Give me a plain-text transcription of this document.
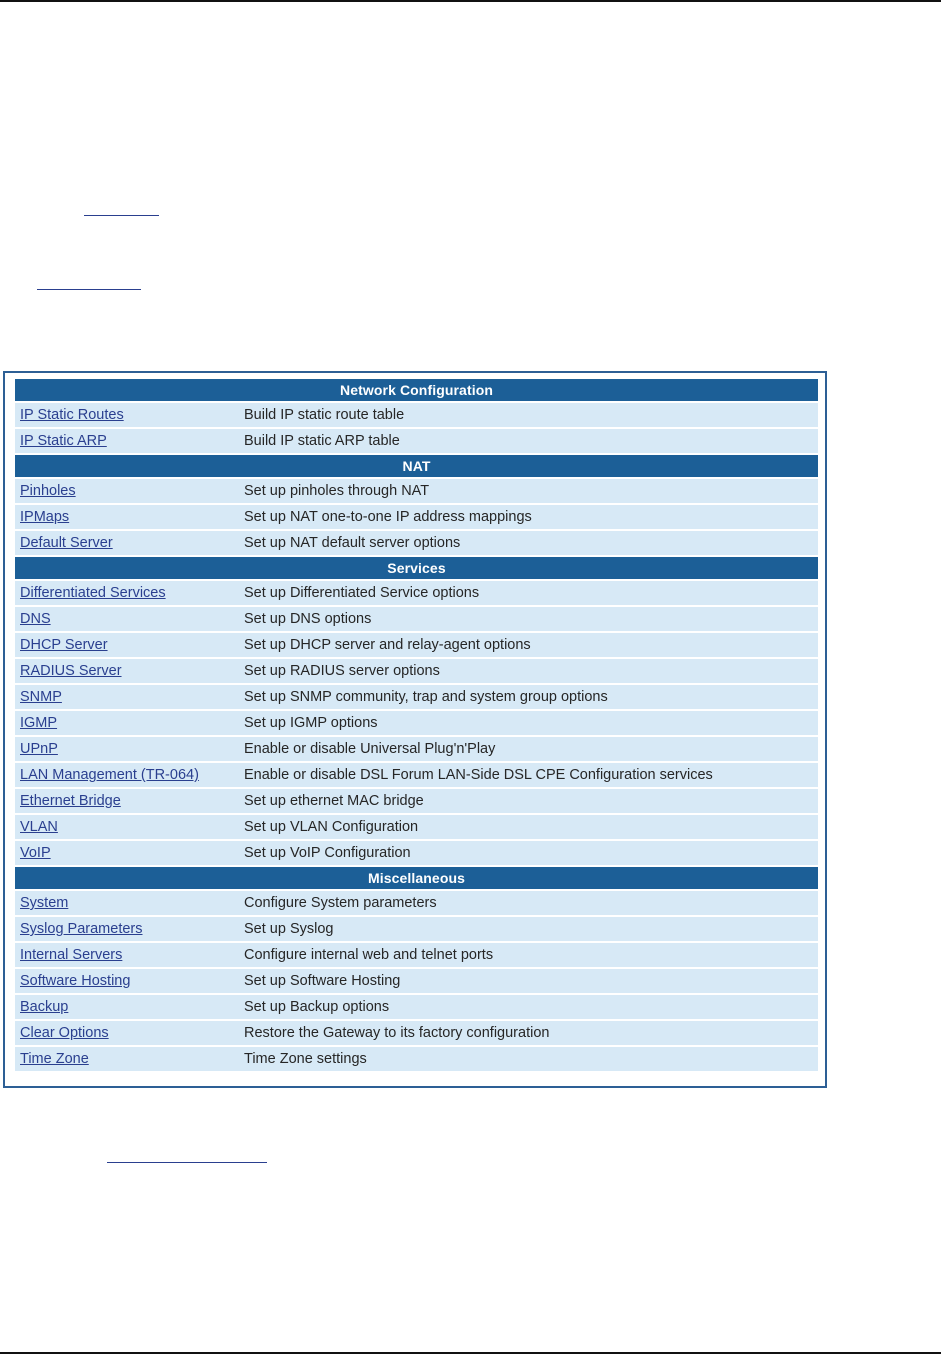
Network Configuration	
IP Static Routes	Build IP static route table
IP Static ARP	Build IP static ARP table
NAT	
Pinholes	Set up pinholes through NAT
IPMaps	Set up NAT one-to-one IP address mappings
Default Server	Set up NAT default server options
Services	
Differentiated Services	Set up Differentiated Service options
DNS	Set up DNS options
DHCP Server	Set up DHCP server and relay-agent options
RADIUS Server	Set up RADIUS server options
SNMP	Set up SNMP community, trap and system group options
IGMP	Set up IGMP options
UPnP	Enable or disable Universal Plug'n'Play
LAN Management (TR-064)	Enable or disable DSL Forum LAN-Side DSL CPE Configuration services
Ethernet Bridge	Set up ethernet MAC bridge
VLAN	Set up VLAN Configuration
VoIP	Set up VoIP Configuration
Miscellaneous	
System	Configure System parameters
Syslog Parameters	Set up Syslog
Internal Servers	Configure internal web and telnet ports
Software Hosting	Set up Software Hosting
Backup	Set up Backup options
Clear Options	Restore the Gateway to its factory configuration
Time Zone	Time Zone settings
